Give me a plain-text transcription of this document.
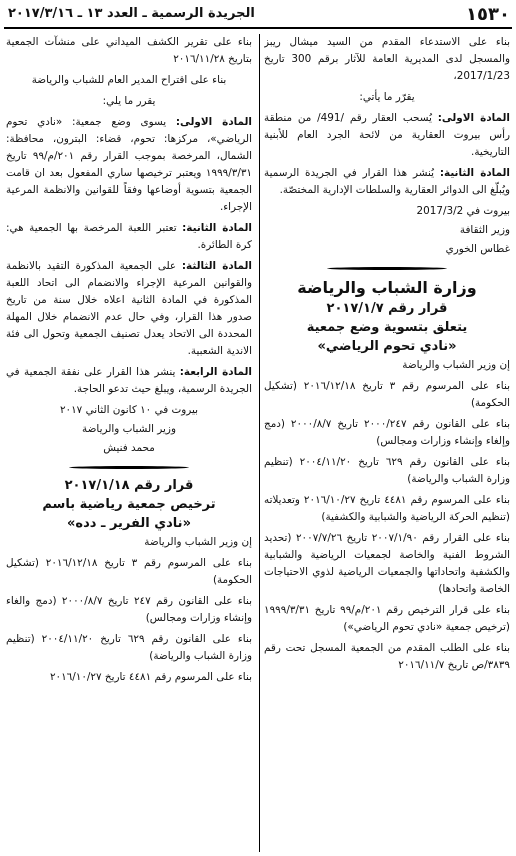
١٥٣٠
الجريدة الرسمية ـ العدد ١٣ ـ ٢٠١٧/٣/١٦

بناء على الاستدعاء المقدم من السيد ميشال ريبز والمسجل لدى المديرية العامة للآثار برقم 300 تاريخ 2017/1/23،

يقرّر ما يأتي:

المادة الاولى: يُسحب العقار رقم /491/ من منطقة رأس بيروت العقارية من لائحة الجرد العام للأبنية التاريخية.

المادة الثانية: يُنشر هذا القرار في الجريدة الرسمية ويُبلّغ الى الدوائر العقارية والسلطات الإدارية المختصّة.

بيروت في 2017/3/2

وزير الثقافة

غطاس الخوري

وزارة الشباب والرياضة
قرار رقم ٢٠١٧/١/٧
يتعلق بتسوية وضع جمعية
«نادي تحوم الرياضي»

إن وزير الشباب والرياضة

بناء على المرسوم رقم ٣ تاريخ ٢٠١٦/١٢/١٨ (تشكيل الحكومة)

بناء على القانون رقم ٢٠٠٠/٢٤٧ تاريخ ٢٠٠٠/٨/٧ (دمج وإلغاء وإنشاء وزارات ومجالس)

بناء على القانون رقم ٦٢٩ تاريخ ٢٠٠٤/١١/٢٠ (تنظيم وزارة الشباب والرياضة)

بناء على المرسوم رقم ٤٤٨١ تاريخ ٢٠١٦/١٠/٢٧ وتعديلاته (تنظيم الحركة الرياضية والشبابية والكشفية)

بناء على القرار رقم ٢٠٠٧/١/٩٠ تاريخ ٢٠٠٧/٧/٢٦ (تحديد الشروط الفنية والخاصة لجمعيات الرياضية والشبابية والكشفية واتحاداتها والجمعيات الرياضية لذوي الاحتياجات الخاصة واتحادها)

بناء على قرار الترخيص رقم ٢٠١/م/٩٩ تاريخ ١٩٩٩/٣/٣١ (ترخيص جمعية «نادي تحوم الرياضي»)

بناء على الطلب المقدم من الجمعية المسجل تحت رقم ٣٨٣٩/ص تاريخ ٢٠١٦/١١/٧

بناء على تقرير الكشف الميداني على منشآت الجمعية بتاريخ ٢٠١٦/١١/٢٨

بناء على اقتراح المدير العام للشباب والرياضة

يقرر ما يلي:

المادة الاولى: يسوى وضع جمعية: «نادي تحوم الرياضي»، مركزها: تحوم، قضاء: البترون، محافظة: الشمال، المرخصة بموجب القرار رقم ٢٠١/م/٩٩ تاريخ ١٩٩٩/٣/٣١ ويعتبر ترخيصها ساري المفعول بعد ان قامت الجمعية بتسوية أوضاعها وفقاً للقوانين والانظمة المرعية الإجراء.

المادة الثانية: تعتبر اللعبة المرخصة بها الجمعية هي: كرة الطائرة.

المادة الثالثة: على الجمعية المذكورة التقيد بالانظمة والقوانين المرعية الإجراء والانضمام الى اتحاد اللعبة المذكورة في المادة الثانية اعلاه خلال سنة من تاريخ صدور هذا القرار، وفي حال عدم الانضمام خلال المهلة المحددة الى الاتحاد يعدل تصنيف الجمعية وتحول الى فئة الاندية الشعبية.

المادة الرابعة: ينشر هذا القرار على نفقة الجمعية في الجريدة الرسمية، ويبلغ حيث تدعو الحاجة.

بيروت في ١٠ كانون الثاني ٢٠١٧

وزير الشباب والرياضة

محمد فنيش

قرار رقم ٢٠١٧/١/١٨
ترخيص جمعية رياضية باسم
«نادي الفرير ـ دده»

إن وزير الشباب والرياضة

بناء على المرسوم رقم ٣ تاريخ ٢٠١٦/١٢/١٨ (تشكيل الحكومة)

بناء على القانون رقم ٢٤٧ تاريخ ٢٠٠٠/٨/٧ (دمج والغاء وإنشاء وزارات ومجالس)

بناء على القانون رقم ٦٢٩ تاريخ ٢٠٠٤/١١/٢٠ (تنظيم وزارة الشباب والرياضة)

بناء على المرسوم رقم ٤٤٨١ تاريخ ٢٠١٦/١٠/٢٧
